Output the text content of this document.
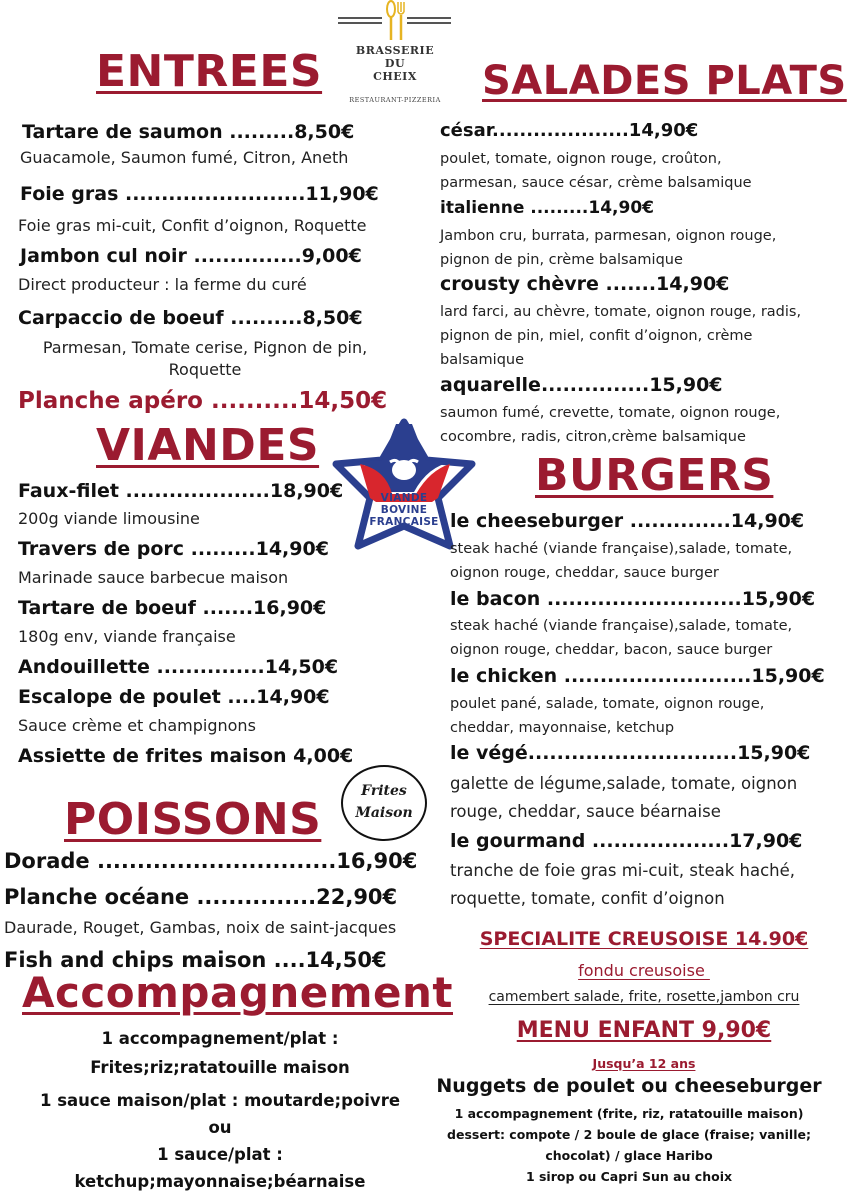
BRASSERIE
DU
CHEIX
RESTAURANT-PIZZERIA
ENTREES
Tartare de saumon .........8,50€
Guacamole, Saumon fumé, Citron, Aneth
Foie gras .........................11,90€
Foie gras mi-cuit, Confit d’oignon, Roquette
Jambon cul noir ...............9,00€
Direct producteur : la ferme du curé
Carpaccio de boeuf ..........8,50€
Parmesan, Tomate cerise, Pignon de pin, Roquette
Planche apéro ..........14,50€
VIANDES
Faux-filet ....................18,90€
200g viande limousine
Travers de porc .........14,90€
Marinade sauce barbecue maison
Tartare de boeuf .......16,90€
180g env, viande française
Andouillette ...............14,50€
Escalope de poulet ....14,90€
Sauce crème et champignons
Assiette de frites maison 4,00€
VIANDE
BOVINE
FRANÇAISE
Frites
Maison
POISSONS
Dorade ..............................16,90€
Planche océane ...............22,90€
Daurade, Rouget, Gambas, noix de saint-jacques
Fish and chips maison ....14,50€
Accompagnement
1 accompagnement/plat :
Frites;riz;ratatouille maison
1 sauce maison/plat : moutarde;poivre
ou
1 sauce/plat :
ketchup;mayonnaise;béarnaise
SALADES PLATS
césar....................14,90€
poulet, tomate, oignon rouge, croûton,
parmesan, sauce césar, crème balsamique
italienne .........14,90€
Jambon cru, burrata, parmesan, oignon rouge,
pignon de pin, crème balsamique
crousty chèvre .......14,90€
lard farci, au chèvre, tomate, oignon rouge, radis,
pignon de pin, miel, confit d’oignon, crème
balsamique
aquarelle...............15,90€
saumon fumé, crevette, tomate, oignon rouge,
cocombre, radis, citron,crème balsamique
BURGERS
le cheeseburger ..............14,90€
steak haché (viande française),salade, tomate,
oignon rouge, cheddar, sauce burger
le bacon ...........................15,90€
steak haché (viande française),salade, tomate,
oignon rouge, cheddar, bacon, sauce burger
le chicken ..........................15,90€
poulet pané, salade, tomate, oignon rouge,
cheddar, mayonnaise, ketchup
le végé.............................15,90€
galette de légume,salade, tomate, oignon
rouge, cheddar, sauce béarnaise
le gourmand ...................17,90€
tranche de foie gras mi-cuit, steak haché,
roquette, tomate, confit d’oignon
SPECIALITE CREUSOISE 14.90€
fondu creusoise
camembert salade, frite, rosette,jambon cru
MENU ENFANT 9,90€
Jusqu’a 12 ans
Nuggets de poulet ou cheeseburger
1 accompagnement (frite, riz, ratatouille maison)
dessert: compote / 2 boule de glace (fraise; vanille;
chocolat) / glace Haribo
1 sirop ou Capri Sun au choix
